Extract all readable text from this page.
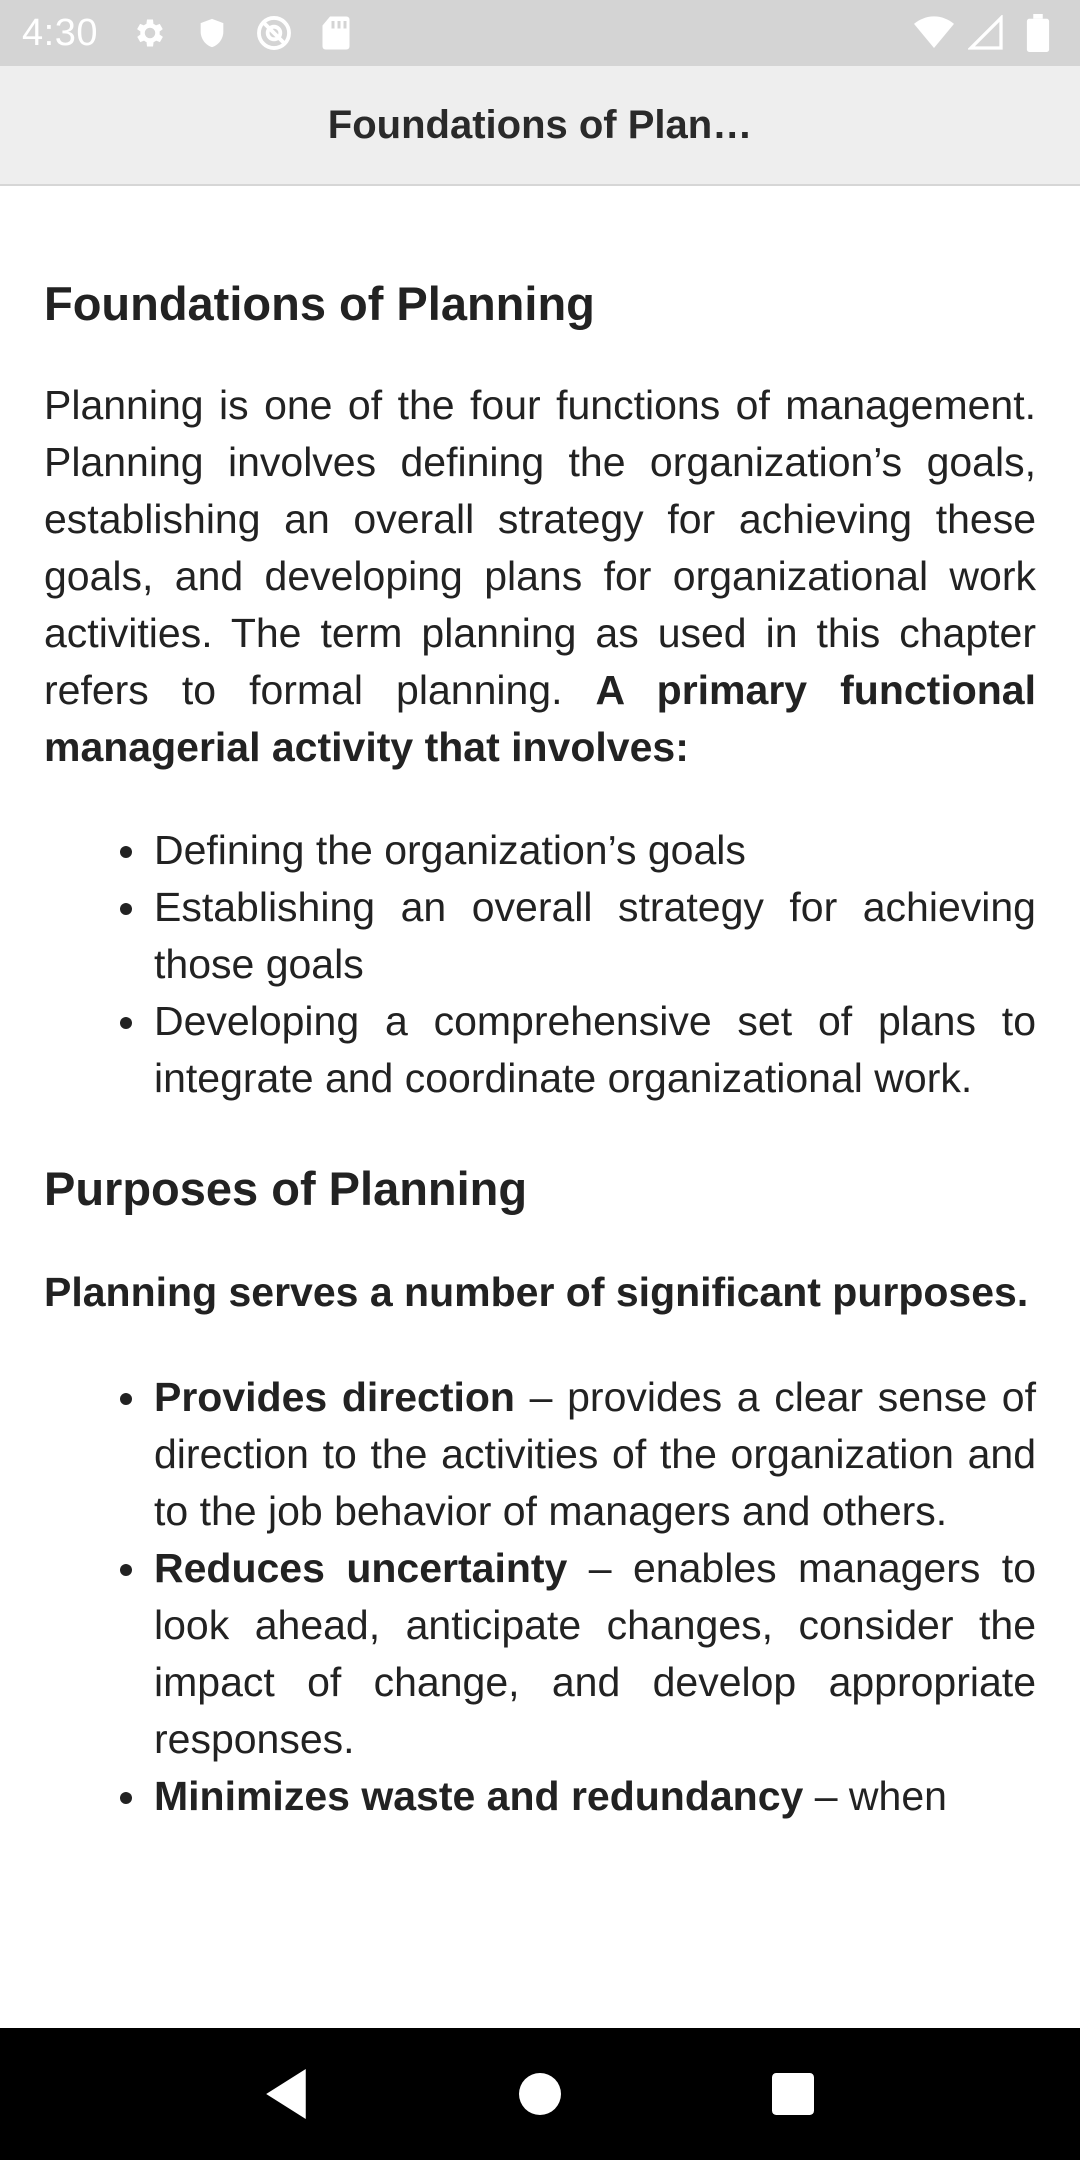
4:30
Foundations of Plan…
Foundations of Planning

Planning is one of the four functions of management. Planning involves defining the organization’s goals, establishing an overall strategy for achieving these goals, and developing plans for organizational work activities. The term planning as used in this chapter refers to formal planning. A primary functional managerial activity that involves:

Defining the organization’s goals
Establishing an overall strategy for achieving those goals
Developing a comprehensive set of plans to integrate and coordinate organizational work.
Purposes of Planning

Planning serves a number of significant purposes.

Provides direction – provides a clear sense of direction to the activities of the organization and to the job behavior of managers and others.
Reduces uncertainty – enables managers to look ahead, anticipate changes, consider the impact of change, and develop appropriate responses.
Minimizes waste and redundancy – when
